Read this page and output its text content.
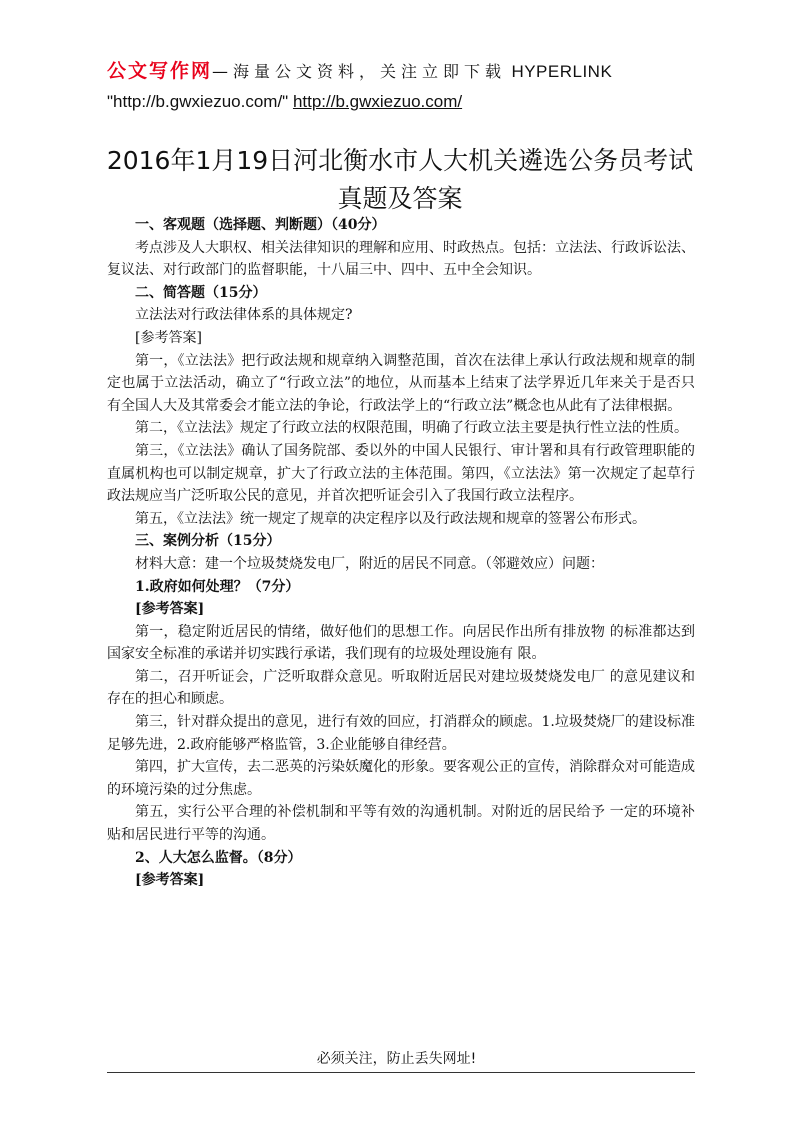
公文写作网—海量公文资料，关注立即下载 HYPERLINK
"http://b.gwxiezuo.com/" http://b.gwxiezuo.com/
2016年1月19日河北衡水市人大机关遴选公务员考试真题及答案

一、客观题（选择题、判断题）（40分）

考点涉及人大职权、相关法律知识的理解和应用、时政热点。包括：立法法、行政诉讼法、复议法、对行政部门的监督职能，十八届三中、四中、五中全会知识。

二、简答题（15分）

立法法对行政法律体系的具体规定?

[参考答案]

第一，《立法法》把行政法规和规章纳入调整范围，首次在法律上承认行政法规和规章的制定也属于立法活动，确立了“行政立法”的地位，从而基本上结束了法学界近几年来关于是否只有全国人大及其常委会才能立法的争论，行政法学上的“行政立法”概念也从此有了法律根据。

第二，《立法法》规定了行政立法的权限范围，明确了行政立法主要是执行性立法的性质。

第三，《立法法》确认了国务院部、委以外的中国人民银行、审计署和具有行政管理职能的直属机构也可以制定规章，扩大了行政立法的主体范围。第四，《立法法》第一次规定了起草行政法规应当广泛听取公民的意见，并首次把听证会引入了我国行政立法程序。

第五，《立法法》统一规定了规章的决定程序以及行政法规和规章的签署公布形式。

三、案例分析（15分）

材料大意：建一个垃圾焚烧发电厂，附近的居民不同意。（邻避效应）问题：

1.政府如何处理？（7分）

[参考答案]

第一，稳定附近居民的情绪，做好他们的思想工作。向居民作出所有排放物 的标准都达到国家安全标准的承诺并切实践行承诺，我们现有的垃圾处理设施有 限。

第二，召开听证会，广泛听取群众意见。听取附近居民对建垃圾焚烧发电厂 的意见建议和存在的担心和顾虑。

第三，针对群众提出的意见，进行有效的回应，打消群众的顾虑。1.垃圾焚烧厂的建设标准足够先进，2.政府能够严格监管，3.企业能够自律经营。

第四，扩大宣传，去二恶英的污染妖魔化的形象。要客观公正的宣传，消除群众对可能造成的环境污染的过分焦虑。

第五，实行公平合理的补偿机制和平等有效的沟通机制。对附近的居民给予 一定的环境补贴和居民进行平等的沟通。

2、人大怎么监督。（8分）

[参考答案]

必须关注，防止丢失网址!
